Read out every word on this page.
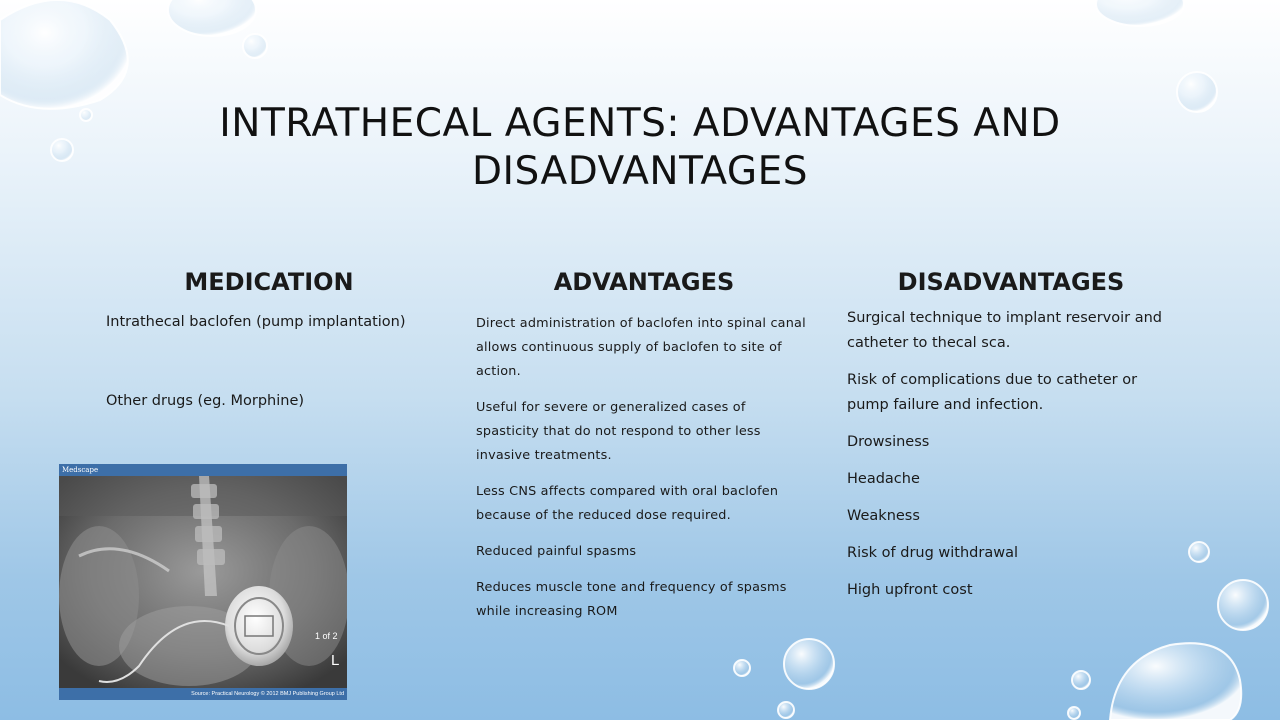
INTRATHECAL AGENTS: ADVANTAGES AND DISADVANTAGES
MEDICATION

Intrathecal baclofen (pump implantation)

Other drugs (eg. Morphine)

ADVANTAGES

Direct administration of baclofen into spinal canal allows continuous supply of baclofen to site of action.

Useful for severe or generalized cases of spasticity that do not respond to other less invasive treatments.

Less CNS affects compared with oral baclofen because of the reduced dose required.

Reduced painful spasms

Reduces muscle tone and frequency of spasms while increasing ROM

DISADVANTAGES

Surgical technique to implant reservoir and catheter to thecal sca.

Risk of complications due to catheter or pump failure and infection.

Drowsiness

Headache

Weakness

Risk of drug withdrawal

High upfront cost

Medscape
1 of 2
L
Source: Practical Neurology © 2012 BMJ Publishing Group Ltd
